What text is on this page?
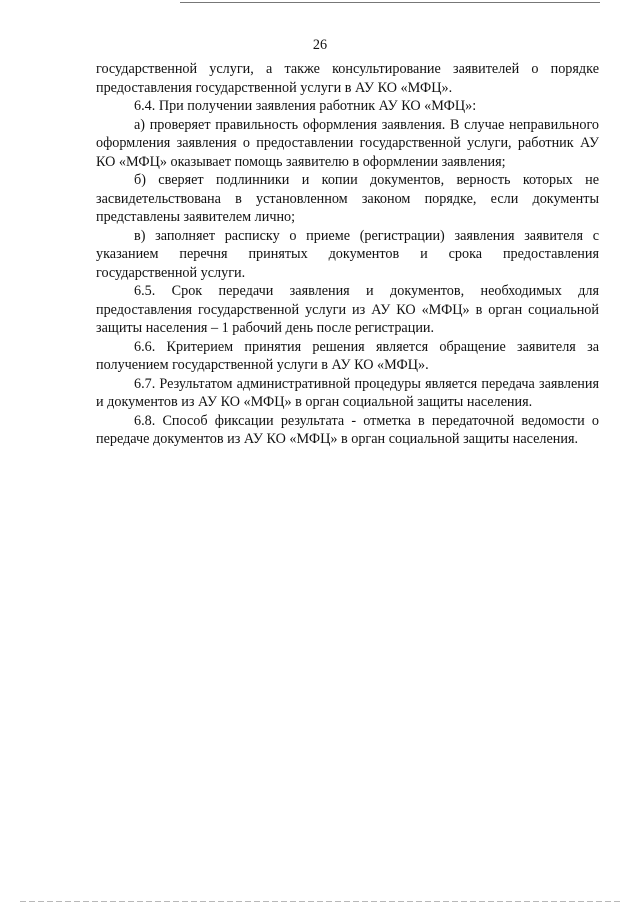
26

государственной услуги, а также консультирование заявителей о порядке предоставления государственной услуги в АУ КО «МФЦ».

6.4. При получении заявления работник АУ КО «МФЦ»:

а) проверяет правильность оформления заявления. В случае неправильного оформления заявления о предоставлении государственной услуги, работник АУ КО «МФЦ» оказывает помощь заявителю в оформлении заявления;

б) сверяет подлинники и копии документов, верность которых не засвидетельствована в установленном законом порядке, если документы представлены заявителем лично;

в) заполняет расписку о приеме (регистрации) заявления заявителя с указанием перечня принятых документов и срока предоставления государственной услуги.

6.5. Срок передачи заявления и документов, необходимых для предоставления государственной услуги из АУ КО «МФЦ» в орган социальной защиты населения – 1 рабочий день после регистрации.

6.6. Критерием принятия решения является обращение заявителя за получением государственной услуги в АУ КО «МФЦ».

6.7. Результатом административной процедуры является передача заявления и документов из АУ КО «МФЦ» в орган социальной защиты населения.

6.8. Способ фиксации результата - отметка в передаточной ведомости о передаче документов из АУ КО «МФЦ» в орган социальной защиты населения.
